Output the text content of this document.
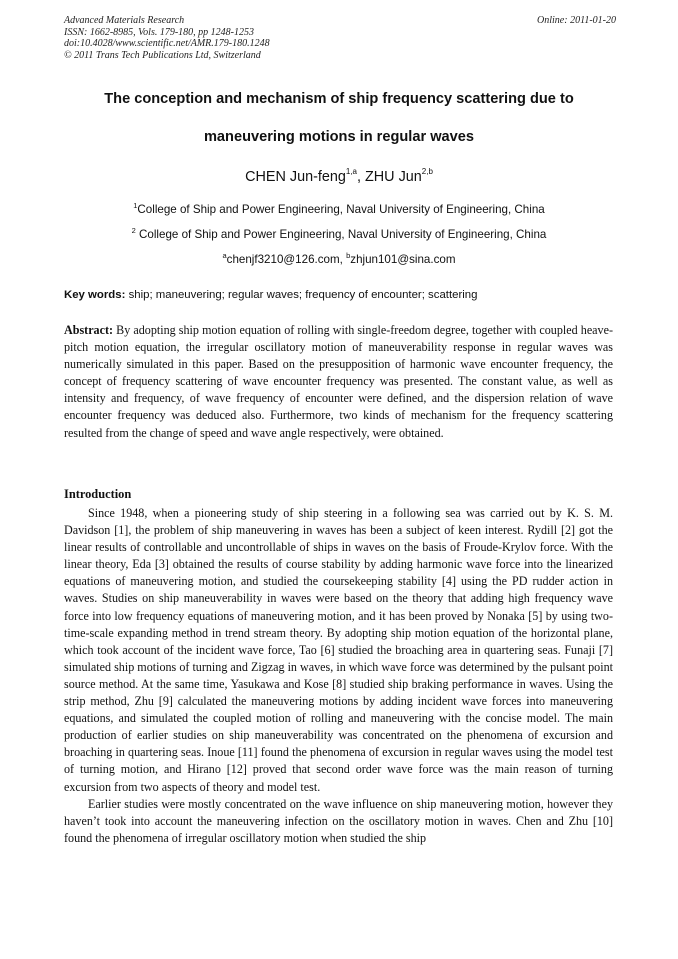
Advanced Materials Research
ISSN: 1662-8985, Vols. 179-180, pp 1248-1253
doi:10.4028/www.scientific.net/AMR.179-180.1248
© 2011 Trans Tech Publications Ltd, Switzerland
Online: 2011-01-20
The conception and mechanism of ship frequency scattering due to
maneuvering motions in regular waves
CHEN Jun-feng$^{1,a}$, ZHU Jun$^{2,b}$
$^1$College of Ship and Power Engineering, Naval University of Engineering, China
$^2$ College of Ship and Power Engineering, Naval University of Engineering, China
$^a$chenjf3210@126.com, $^b$zhjun101@sina.com
Key words: ship; maneuvering; regular waves; frequency of encounter; scattering
Abstract: By adopting ship motion equation of rolling with single-freedom degree, together with coupled heave-pitch motion equation, the irregular oscillatory motion of maneuverability response in regular waves was numerically simulated in this paper. Based on the presupposition of harmonic wave encounter frequency, the concept of frequency scattering of wave encounter frequency was presented. The constant value, as well as intensity and frequency, of wave frequency of encounter were defined, and the dispersion relation of wave encounter frequency was deduced also. Furthermore, two kinds of mechanism for the frequency scattering resulted from the change of speed and wave angle respectively, were obtained.
Introduction

Since 1948, when a pioneering study of ship steering in a following sea was carried out by K. S. M. Davidson [1], the problem of ship maneuvering in waves has been a subject of keen interest. Rydill [2] got the linear results of controllable and uncontrollable of ships in waves on the basis of Froude-Krylov force. With the linear theory, Eda [3] obtained the results of course stability by adding harmonic wave force into the linearized equations of maneuvering motion, and studied the coursekeeping stability [4] using the PD rudder action in waves. Studies on ship maneuverability in waves were based on the theory that adding high frequency wave force into low frequency equations of maneuvering motion, and it has been proved by Nonaka [5] by using two-time-scale expanding method in trend stream theory. By adopting ship motion equation of the horizontal plane, which took account of the incident wave force, Tao [6] studied the broaching area in quartering seas. Funaji [7] simulated ship motions of turning and Zigzag in waves, in which wave force was determined by the pulsant point source method. At the same time, Yasukawa and Kose [8] studied ship braking performance in waves. Using the strip method, Zhu [9] calculated the maneuvering motions by adding incident wave forces into maneuvering equations, and simulated the coupled motion of rolling and maneuvering with the concise model. The main production of earlier studies on ship maneuverability was concentrated on the phenomena of excursion and broaching in quartering seas. Inoue [11] found the phenomena of excursion in regular waves using the model test of turning motion, and Hirano [12] proved that second order wave force was the main reason of turning excursion from two aspects of theory and model test.

Earlier studies were mostly concentrated on the wave influence on ship maneuvering motion, however they haven’t took into account the maneuvering infection on the oscillatory motion in waves. Chen and Zhu [10] found the phenomena of irregular oscillatory motion when studied the ship
